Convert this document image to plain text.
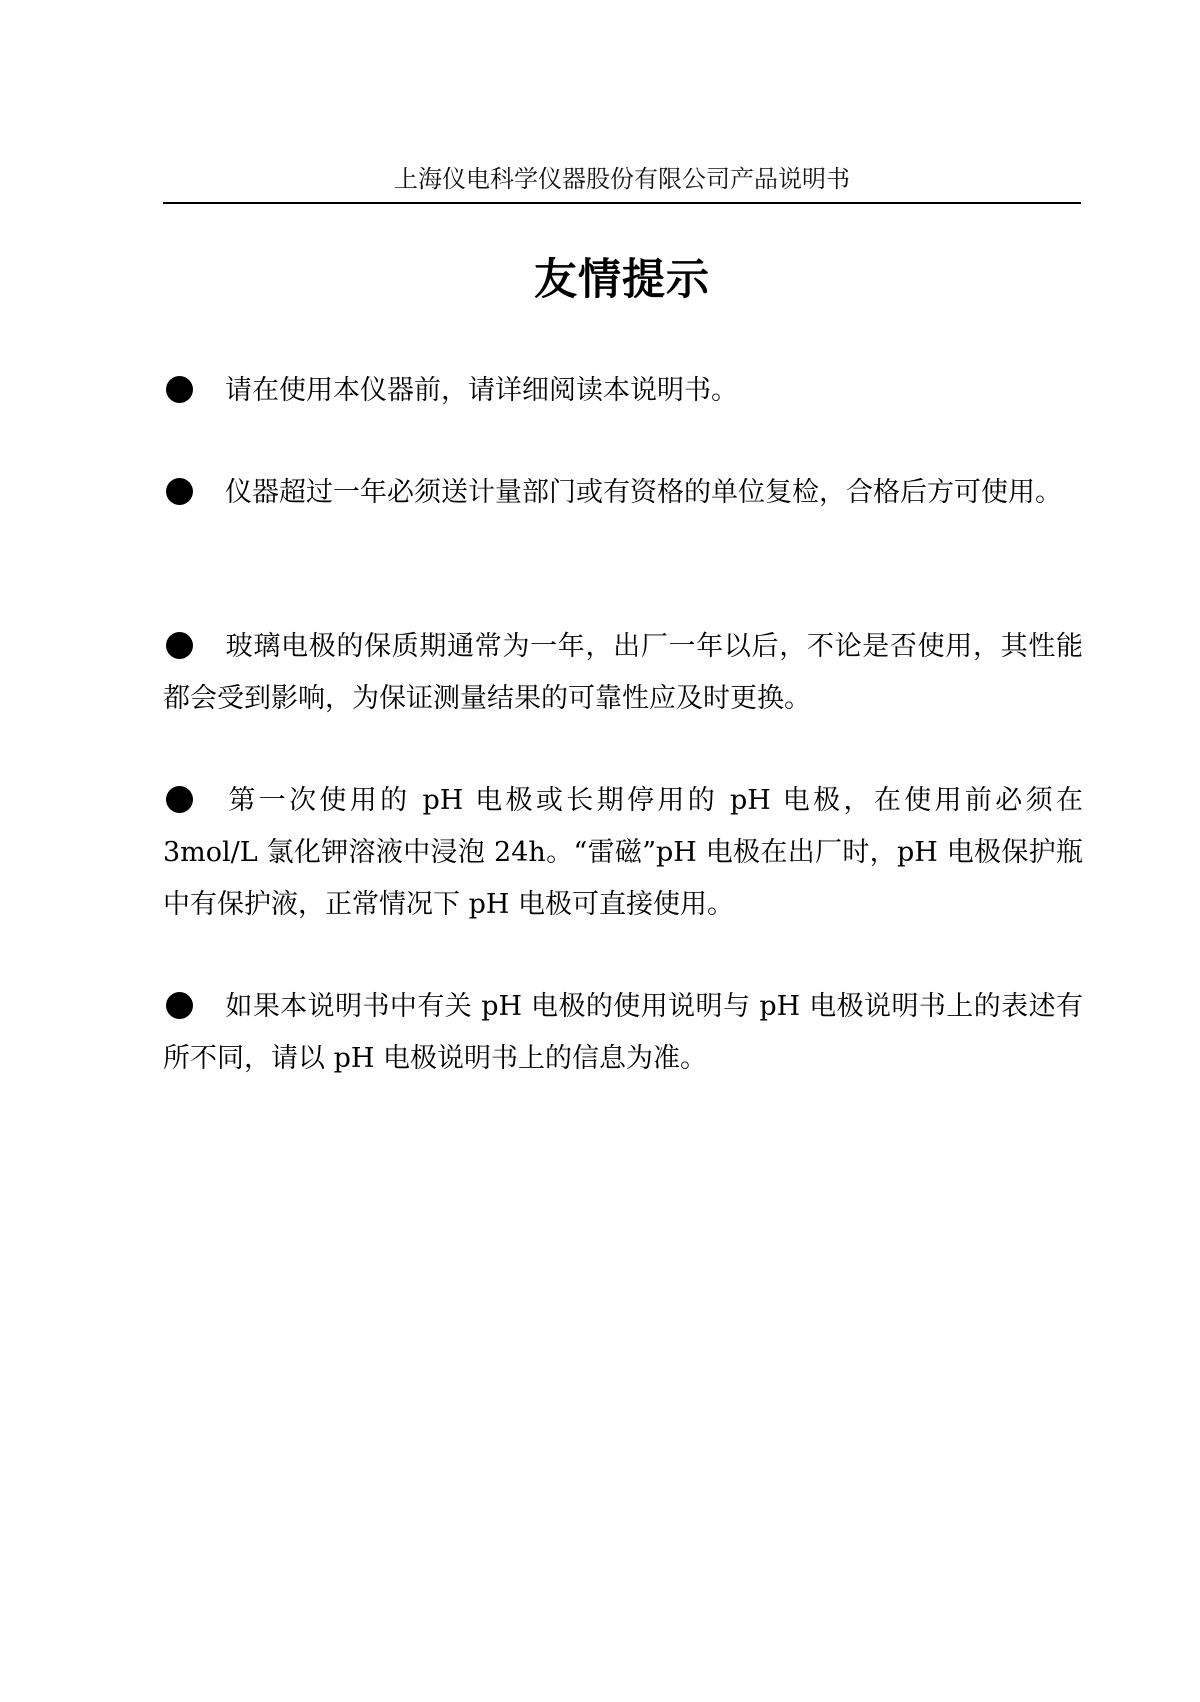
上海仪电科学仪器股份有限公司产品说明书
友情提示

请在使用本仪器前，请详细阅读本说明书。

仪器超过一年必须送计量部门或有资格的单位复检，合格后方可使用。

玻璃电极的保质期通常为一年，出厂一年以后，不论是否使用，其性能都会受到影响，为保证测量结果的可靠性应及时更换。

第一次使用的 pH 电极或长期停用的 pH 电极，在使用前必须在 3mol/L 氯化钾溶液中浸泡 24h。“雷磁”pH 电极在出厂时，pH 电极保护瓶中有保护液，正常情况下 pH 电极可直接使用。

如果本说明书中有关 pH 电极的使用说明与 pH 电极说明书上的表述有所不同，请以 pH 电极说明书上的信息为准。
